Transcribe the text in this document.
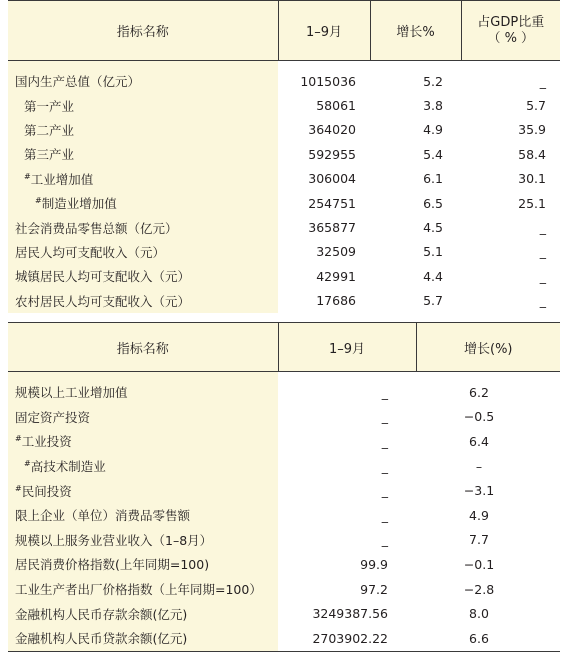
指标名称	1–9月	增长%	占GDP比重
（ % ）

国内生产总值（亿元）	1015036	5.2	_
第一产业	58061	3.8	5.7
第二产业	364020	4.9	35.9
第三产业	592955	5.4	58.4
#工业增加值	306004	6.1	30.1
#制造业增加值	254751	6.5	25.1
社会消费品零售总额（亿元）	365877	4.5	_
居民人均可支配收入（元）	32509	5.1	_
城镇居民人均可支配收入（元）	42991	4.4	_
农村居民人均可支配收入（元）	17686	5.7	_
指标名称	1–9月	增长(%)

规模以上工业增加值	_	6.2
固定资产投资	_	−0.5
#工业投资	_	6.4
#高技术制造业	_	–
#民间投资	_	−3.1
限上企业（单位）消费品零售额	_	4.9
规模以上服务业营业收入（1–8月）	_	7.7
居民消费价格指数(上年同期=100)	99.9	−0.1
工业生产者出厂价格指数（上年同期=100）	97.2	−2.8
金融机构人民币存款余额(亿元)	3249387.56	8.0
金融机构人民币贷款余额(亿元)	2703902.22	6.6
